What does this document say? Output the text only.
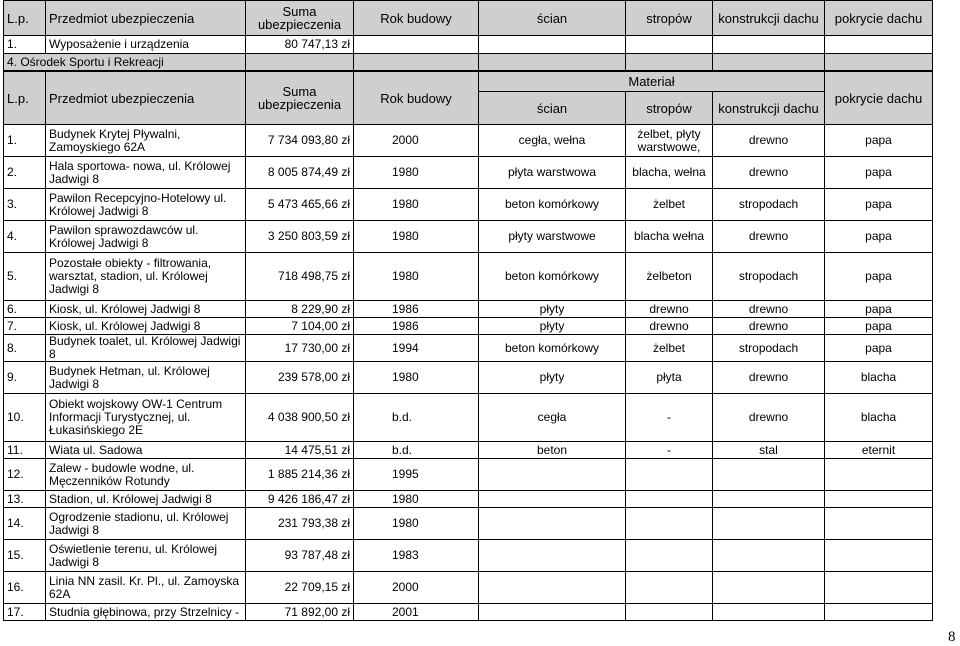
L.p.	Przedmiot ubezpieczenia	Suma ubezpieczenia	Rok budowy	ścian	stropów	konstrukcji dachu	pokrycie dachu
1.	Wyposażenie i urządzenia	80 747,13 zł					
4. Ośrodek Sportu i Rekreacji							
L.p.	Przedmiot ubezpieczenia	Suma ubezpieczenia	Rok budowy	Materiał			pokrycie dachu
				ścian	stropów	konstrukcji dachu	
1.	Budynek Krytej Pływalni, Zamoyskiego 62A	7 734 093,80 zł	2000	cegła, wełna	żelbet, płyty warstwowe,	drewno	papa
2.	Hala sportowa- nowa, ul. Królowej Jadwigi 8	8 005 874,49 zł	1980	płyta warstwowa	blacha, wełna	drewno	papa
3.	Pawilon Recepcyjno-Hotelowy ul. Królowej Jadwigi 8	5 473 465,66 zł	1980	beton komórkowy	żelbet	stropodach	papa
4.	Pawilon sprawozdawców ul. Królowej Jadwigi 8	3 250 803,59 zł	1980	płyty warstwowe	blacha wełna	drewno	papa
5.	Pozostałe obiekty - filtrowania, warsztat, stadion, ul. Królowej Jadwigi 8	718 498,75 zł	1980	beton komórkowy	żelbeton	stropodach	papa
6.	Kiosk, ul. Królowej Jadwigi 8	8 229,90 zł	1986	płyty	drewno	drewno	papa
7.	Kiosk, ul. Królowej Jadwigi 8	7 104,00 zł	1986	płyty	drewno	drewno	papa
8.	Budynek toalet, ul. Królowej Jadwigi 8	17 730,00 zł	1994	beton komórkowy	żelbet	stropodach	papa
9.	Budynek Hetman, ul. Królowej Jadwigi 8	239 578,00 zł	1980	płyty	płyta	drewno	blacha
10.	Obiekt wojskowy OW-1 Centrum Informacji Turystycznej, ul. Łukasińskiego 2E	4 038 900,50 zł	b.d.	cegła	-	drewno	blacha
11.	Wiata ul. Sadowa	14 475,51 zł	b.d.	beton	-	stal	eternit
12.	Zalew - budowle wodne, ul. Męczenników Rotundy	1 885 214,36 zł	1995				
13.	Stadion, ul. Królowej Jadwigi 8	9 426 186,47 zł	1980				
14.	Ogrodzenie stadionu, ul. Królowej Jadwigi 8	231 793,38 zł	1980				
15.	Oświetlenie terenu, ul. Królowej Jadwigi 8	93 787,48 zł	1983				
16.	Linia NN zasil. Kr. Pl., ul. Zamoyska 62A	22 709,15 zł	2000				
17.	Studnia głębinowa, przy Strzelnicy -	71 892,00 zł	2001				
8
